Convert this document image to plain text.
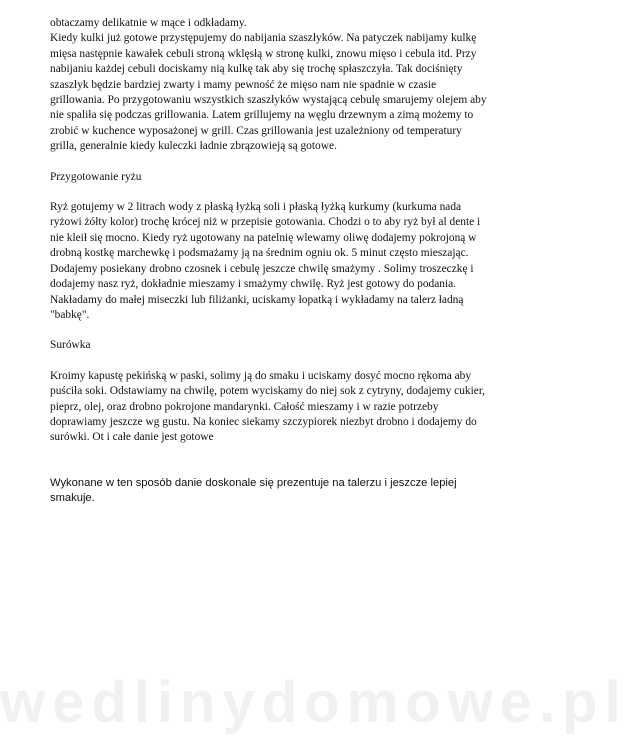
obtaczamy delikatnie w mące i odkładamy.

Kiedy kulki już gotowe przystępujemy do nabijania szaszłyków. Na patyczek nabijamy kulkę mięsa następnie kawałek cebuli stroną wklęsłą w stronę kulki, znowu mięso i cebula itd. Przy nabijaniu każdej cebuli dociskamy nią kulkę tak aby się trochę spłaszczyła. Tak dociśnięty szaszłyk będzie bardziej zwarty i mamy pewność że mięso nam nie spadnie w czasie grillowania. Po przygotowaniu wszystkich szaszłyków wystającą cebulę smarujemy olejem aby nie spaliła się podczas grillowania. Latem grillujemy na węglu drzewnym a zimą możemy to zrobić w kuchence wyposażonej w grill. Czas grillowania jest uzależniony od temperatury grilla, generalnie kiedy kuleczki ładnie zbrązowieją są gotowe.

Przygotowanie ryżu

Ryż gotujemy w 2 litrach wody z płaską łyżką soli i płaską łyżką kurkumy (kurkuma nada ryżowi żółty kolor) trochę krócej niż w przepisie gotowania. Chodzi o to aby ryż był al dente i nie kleił się mocno. Kiedy ryż ugotowany na patelnię wlewamy oliwę dodajemy pokrojoną w drobną kostkę marchewkę i podsmażamy ją na średnim ogniu ok. 5 minut często mieszając. Dodajemy posiekany drobno czosnek i cebulę jeszcze chwilę smażymy . Solimy troszeczkę i dodajemy nasz ryż, dokładnie mieszamy i smażymy chwilę. Ryż jest gotowy do podania. Nakładamy do małej miseczki lub filiżanki, uciskamy łopatką i wykładamy na talerz ładną "babkę".

Surówka

Kroimy kapustę pekińską w paski, solimy ją do smaku i uciskamy dosyć mocno rękoma aby puściła soki. Odstawiamy na chwilę, potem wyciskamy do niej sok z cytryny, dodajemy cukier, pieprz, olej, oraz drobno pokrojone mandarynki. Całość mieszamy i w razie potrzeby doprawiamy jeszcze wg gustu. Na koniec siekamy szczypiorek niezbyt drobno i dodajemy do surówki. Ot i całe danie jest gotowe

Wykonane w ten sposób danie doskonale się prezentuje na talerzu i jeszcze lepiej smakuje.

wedlinydomowe.pl
